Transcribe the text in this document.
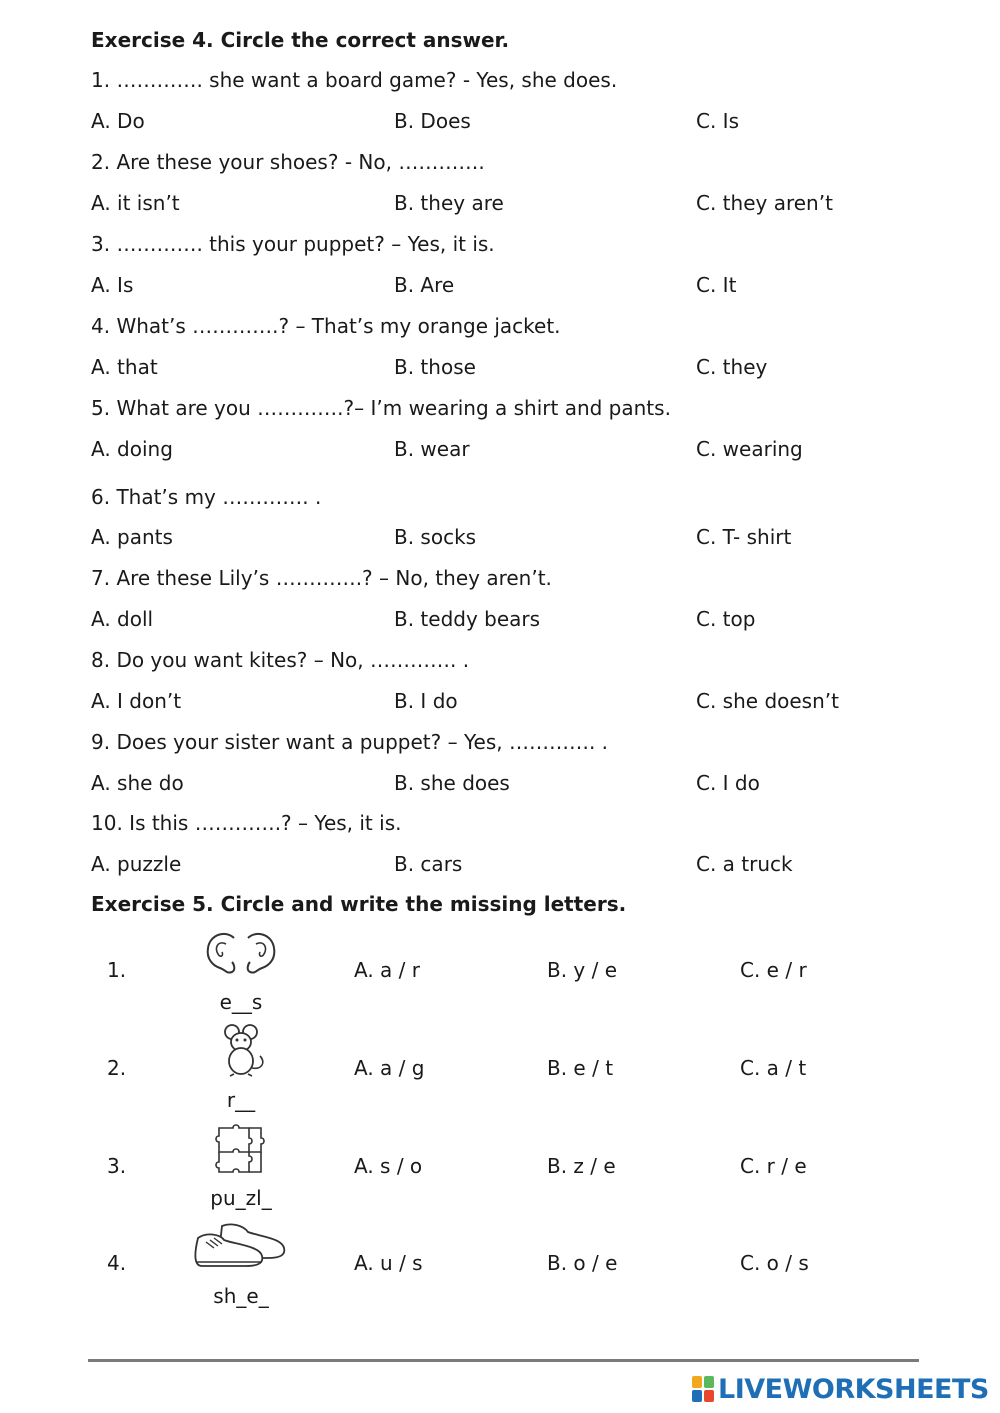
Exercise 4. Circle the correct answer.
1. …………. she want a board game? - Yes, she does.
A. Do	B. Does	C. Is
2. Are these your shoes? - No, ………….
A. it isn’t	B. they are	C. they aren’t
3. …………. this your puppet? – Yes, it is.
A. Is	B. Are	C. It
4. What’s ………….? – That’s my orange jacket.
A. that	B. those	C. they
5. What are you ………….?– I’m wearing a shirt and pants.
A. doing	B. wear	C. wearing
6. That’s my …………. .
A. pants	B. socks	C. T- shirt
7. Are these Lily’s ………….? – No, they aren’t.
A. doll	B. teddy bears	C. top
8. Do you want kites? – No, …………. .
A. I don’t	B. I do	C. she doesn’t
9. Does your sister want a puppet? – Yes, …………. .
A. she do	B. she does	C. I do
10. Is this ………….? – Yes, it is.
A. puzzle	B. cars	C. a truck
Exercise 5. Circle and write the missing letters.
1.
e__s
A. a / r	B. y / e	C. e / r
2.
r__
A. a / g	B. e / t	C. a / t
3.
pu_zl_
A. s / o	B. z / e	C. r / e
4.
sh_e_
A. u / s	B. o / e	C. o / s
LIVEWORKSHEETS
